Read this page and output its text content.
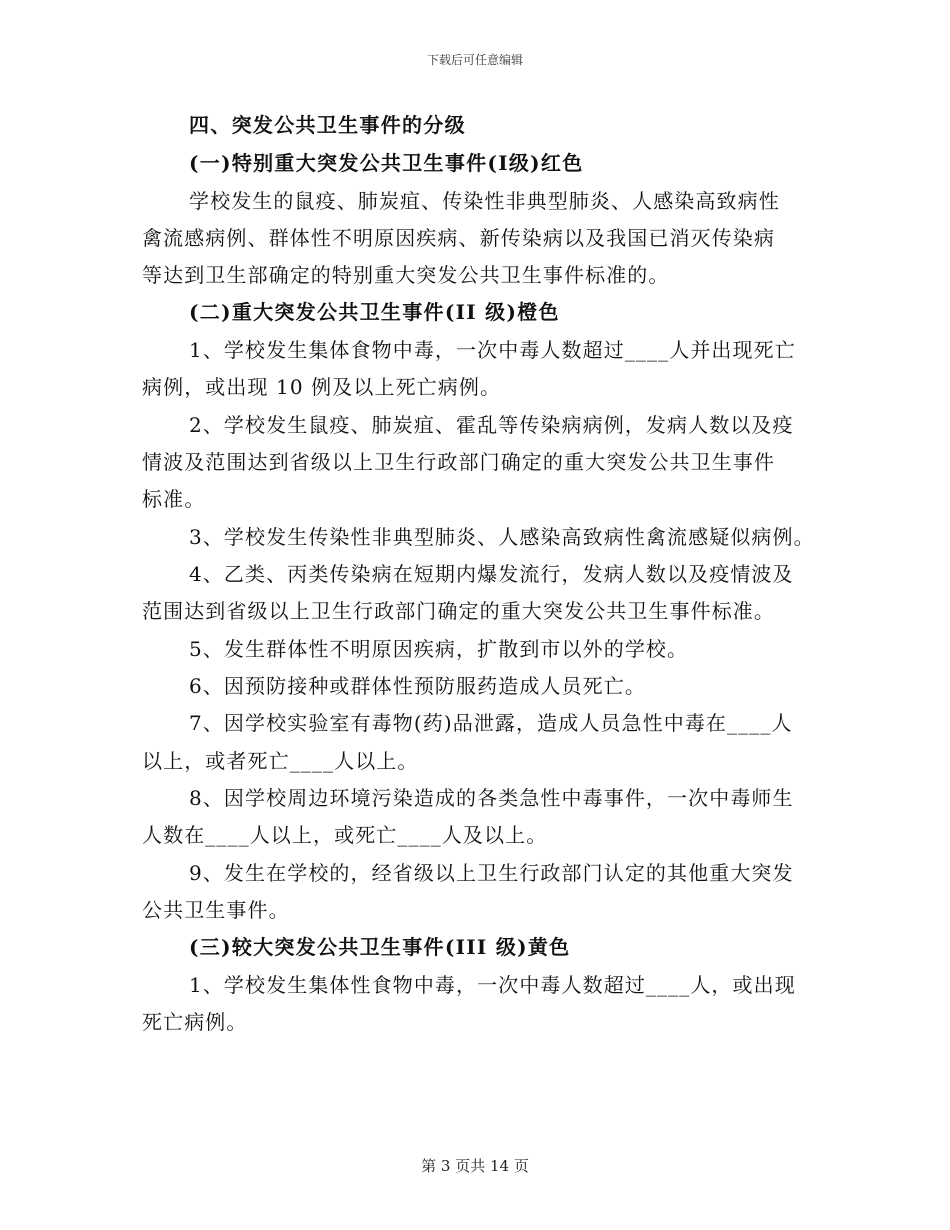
下载后可任意编辑
四、突发公共卫生事件的分级
(一)特别重大突发公共卫生事件(Ⅰ级)红色
学校发生的鼠疫、肺炭疽、传染性非典型肺炎、人感染高致病性
禽流感病例、群体性不明原因疾病、新传染病以及我国已消灭传染病
等达到卫生部确定的特别重大突发公共卫生事件标准的。
(二)重大突发公共卫生事件(II 级)橙色
1、学校发生集体食物中毒，一次中毒人数超过____人并出现死亡
病例，或出现 10 例及以上死亡病例。
2、学校发生鼠疫、肺炭疽、霍乱等传染病病例，发病人数以及疫
情波及范围达到省级以上卫生行政部门确定的重大突发公共卫生事件
标准。
3、学校发生传染性非典型肺炎、人感染高致病性禽流感疑似病例。
4、乙类、丙类传染病在短期内爆发流行，发病人数以及疫情波及
范围达到省级以上卫生行政部门确定的重大突发公共卫生事件标准。
5、发生群体性不明原因疾病，扩散到市以外的学校。
6、因预防接种或群体性预防服药造成人员死亡。
7、因学校实验室有毒物(药)品泄露，造成人员急性中毒在____人
以上，或者死亡____人以上。
8、因学校周边环境污染造成的各类急性中毒事件，一次中毒师生
人数在____人以上，或死亡____人及以上。
9、发生在学校的，经省级以上卫生行政部门认定的其他重大突发
公共卫生事件。
(三)较大突发公共卫生事件(III 级)黄色
1、学校发生集体性食物中毒，一次中毒人数超过____人，或出现
死亡病例。
第 3 页共 14 页
